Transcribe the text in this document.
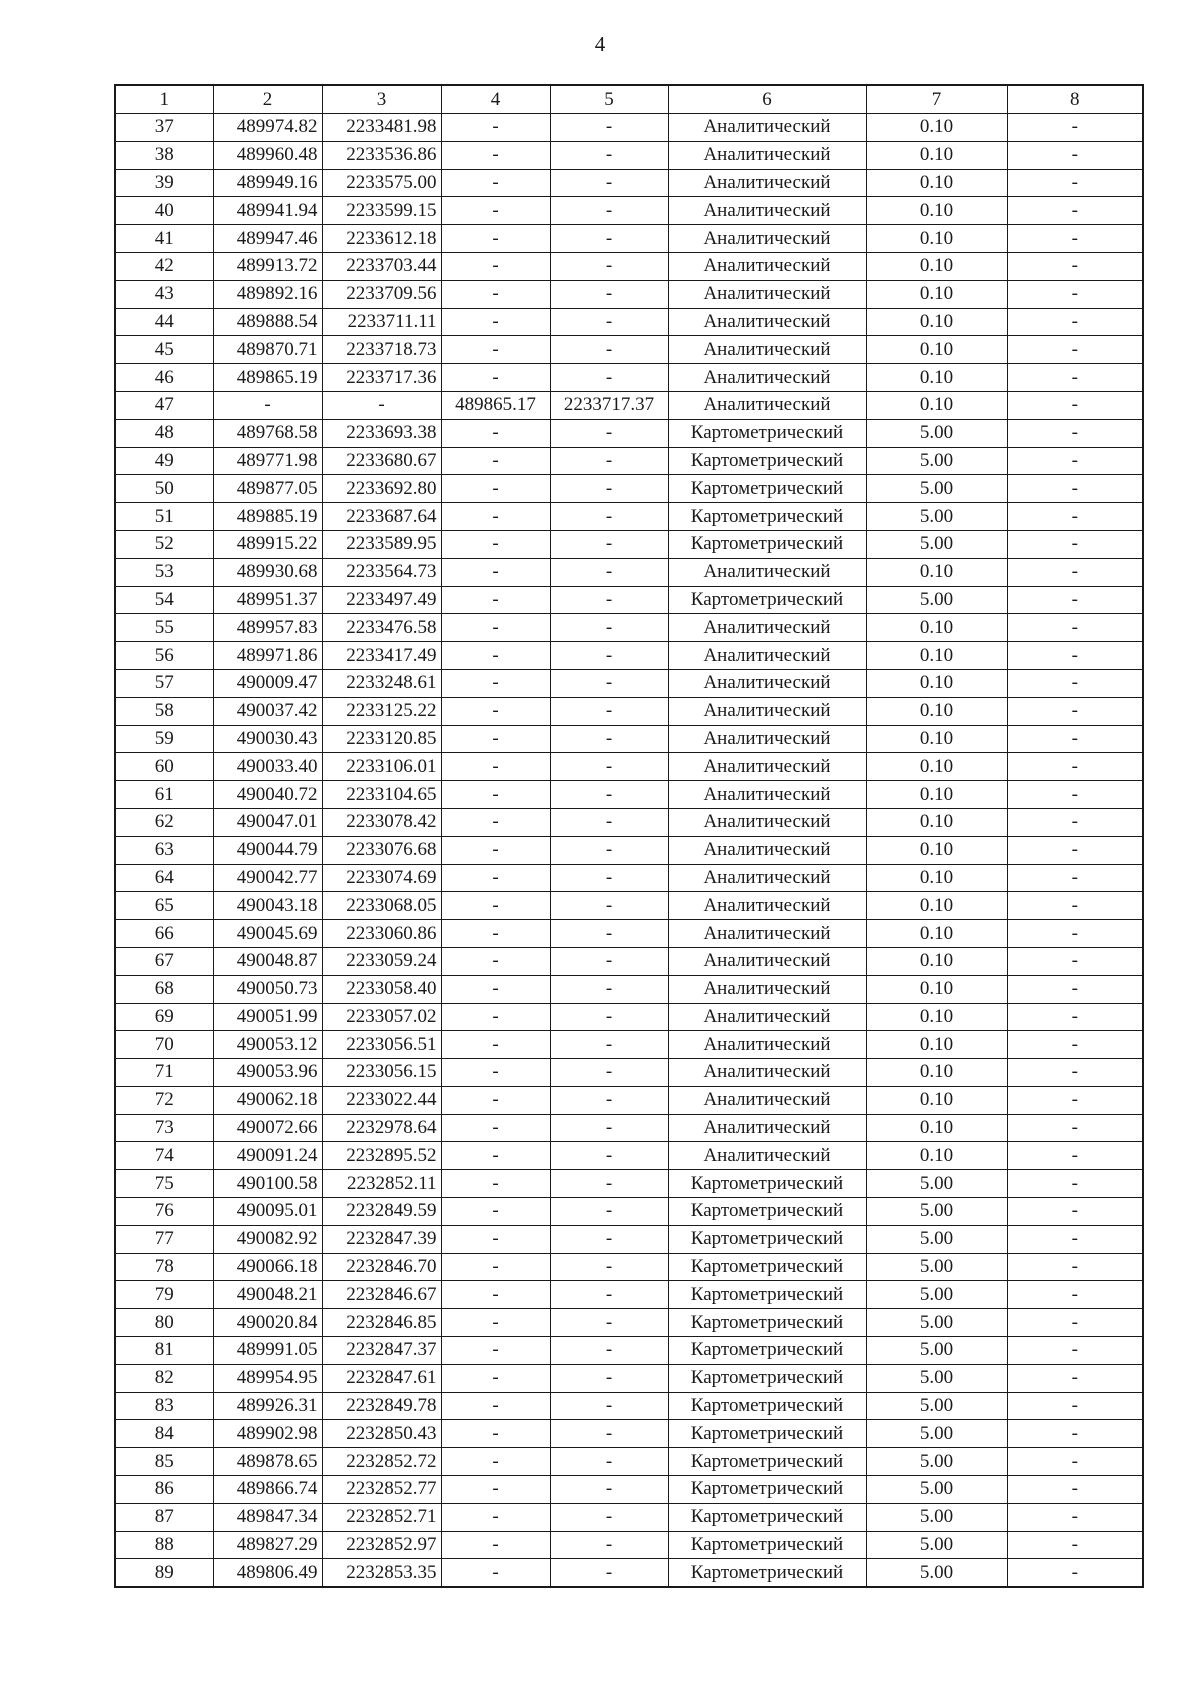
4
1	2	3	4	5	6	7	8
37	489974.82	2233481.98	-	-	Аналитический	0.10	-
38	489960.48	2233536.86	-	-	Аналитический	0.10	-
39	489949.16	2233575.00	-	-	Аналитический	0.10	-
40	489941.94	2233599.15	-	-	Аналитический	0.10	-
41	489947.46	2233612.18	-	-	Аналитический	0.10	-
42	489913.72	2233703.44	-	-	Аналитический	0.10	-
43	489892.16	2233709.56	-	-	Аналитический	0.10	-
44	489888.54	2233711.11	-	-	Аналитический	0.10	-
45	489870.71	2233718.73	-	-	Аналитический	0.10	-
46	489865.19	2233717.36	-	-	Аналитический	0.10	-
47	-	-	489865.17	2233717.37	Аналитический	0.10	-
48	489768.58	2233693.38	-	-	Картометрический	5.00	-
49	489771.98	2233680.67	-	-	Картометрический	5.00	-
50	489877.05	2233692.80	-	-	Картометрический	5.00	-
51	489885.19	2233687.64	-	-	Картометрический	5.00	-
52	489915.22	2233589.95	-	-	Картометрический	5.00	-
53	489930.68	2233564.73	-	-	Аналитический	0.10	-
54	489951.37	2233497.49	-	-	Картометрический	5.00	-
55	489957.83	2233476.58	-	-	Аналитический	0.10	-
56	489971.86	2233417.49	-	-	Аналитический	0.10	-
57	490009.47	2233248.61	-	-	Аналитический	0.10	-
58	490037.42	2233125.22	-	-	Аналитический	0.10	-
59	490030.43	2233120.85	-	-	Аналитический	0.10	-
60	490033.40	2233106.01	-	-	Аналитический	0.10	-
61	490040.72	2233104.65	-	-	Аналитический	0.10	-
62	490047.01	2233078.42	-	-	Аналитический	0.10	-
63	490044.79	2233076.68	-	-	Аналитический	0.10	-
64	490042.77	2233074.69	-	-	Аналитический	0.10	-
65	490043.18	2233068.05	-	-	Аналитический	0.10	-
66	490045.69	2233060.86	-	-	Аналитический	0.10	-
67	490048.87	2233059.24	-	-	Аналитический	0.10	-
68	490050.73	2233058.40	-	-	Аналитический	0.10	-
69	490051.99	2233057.02	-	-	Аналитический	0.10	-
70	490053.12	2233056.51	-	-	Аналитический	0.10	-
71	490053.96	2233056.15	-	-	Аналитический	0.10	-
72	490062.18	2233022.44	-	-	Аналитический	0.10	-
73	490072.66	2232978.64	-	-	Аналитический	0.10	-
74	490091.24	2232895.52	-	-	Аналитический	0.10	-
75	490100.58	2232852.11	-	-	Картометрический	5.00	-
76	490095.01	2232849.59	-	-	Картометрический	5.00	-
77	490082.92	2232847.39	-	-	Картометрический	5.00	-
78	490066.18	2232846.70	-	-	Картометрический	5.00	-
79	490048.21	2232846.67	-	-	Картометрический	5.00	-
80	490020.84	2232846.85	-	-	Картометрический	5.00	-
81	489991.05	2232847.37	-	-	Картометрический	5.00	-
82	489954.95	2232847.61	-	-	Картометрический	5.00	-
83	489926.31	2232849.78	-	-	Картометрический	5.00	-
84	489902.98	2232850.43	-	-	Картометрический	5.00	-
85	489878.65	2232852.72	-	-	Картометрический	5.00	-
86	489866.74	2232852.77	-	-	Картометрический	5.00	-
87	489847.34	2232852.71	-	-	Картометрический	5.00	-
88	489827.29	2232852.97	-	-	Картометрический	5.00	-
89	489806.49	2232853.35	-	-	Картометрический	5.00	-
